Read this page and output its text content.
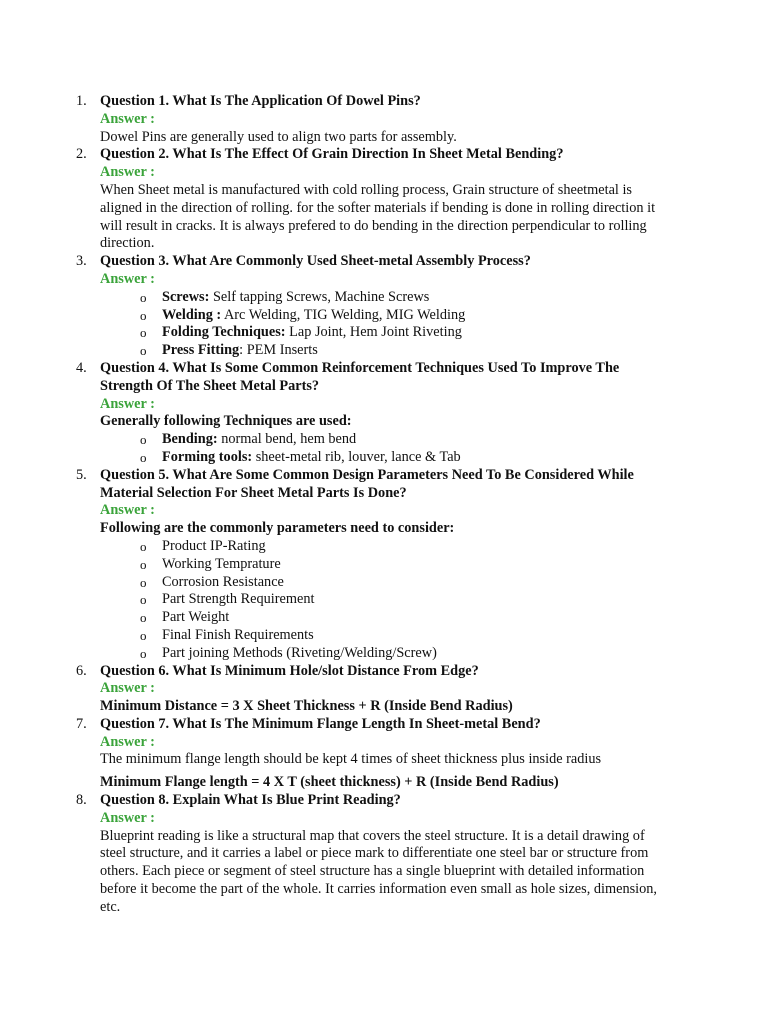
1. Question 1. What Is The Application Of Dowel Pins?
Answer :
Dowel Pins are generally used to align two parts for assembly.
2. Question 2. What Is The Effect Of Grain Direction In Sheet Metal Bending?
Answer :
When Sheet metal is manufactured with cold rolling process, Grain structure of sheetmetal is aligned in the direction of rolling. for the softer materials if bending is done in rolling direction it will result in cracks. It is always prefered to do bending in the direction perpendicular to rolling direction.
3. Question 3. What Are Commonly Used Sheet-metal Assembly Process?
Answer :
o Screws: Self tapping Screws, Machine Screws
o Welding : Arc Welding, TIG Welding, MIG Welding
o Folding Techniques: Lap Joint, Hem Joint Riveting
o Press Fitting: PEM Inserts
4. Question 4. What Is Some Common Reinforcement Techniques Used To Improve The Strength Of The Sheet Metal Parts?
Answer :
Generally following Techniques are used:
o Bending: normal bend, hem bend
o Forming tools: sheet-metal rib, louver, lance & Tab
5. Question 5. What Are Some Common Design Parameters Need To Be Considered While Material Selection For Sheet Metal Parts Is Done?
Answer :
Following are the commonly parameters need to consider:
o Product IP-Rating
o Working Temprature
o Corrosion Resistance
o Part Strength Requirement
o Part Weight
o Final Finish Requirements
o Part joining Methods (Riveting/Welding/Screw)
6. Question 6. What Is Minimum Hole/slot Distance From Edge?
Answer :
Minimum Distance = 3 X Sheet Thickness + R (Inside Bend Radius)
7. Question 7. What Is The Minimum Flange Length In Sheet-metal Bend?
Answer :
The minimum flange length should be kept 4 times of sheet thickness plus inside radius
Minimum Flange length = 4 X T (sheet thickness) + R (Inside Bend Radius)
8. Question 8. Explain What Is Blue Print Reading?
Answer :
Blueprint reading is like a structural map that covers the steel structure. It is a detail drawing of steel structure, and it carries a label or piece mark to differentiate one steel bar or structure from others. Each piece or segment of steel structure has a single blueprint with detailed information before it become the part of the whole. It carries information even small as hole sizes, dimension, etc.
